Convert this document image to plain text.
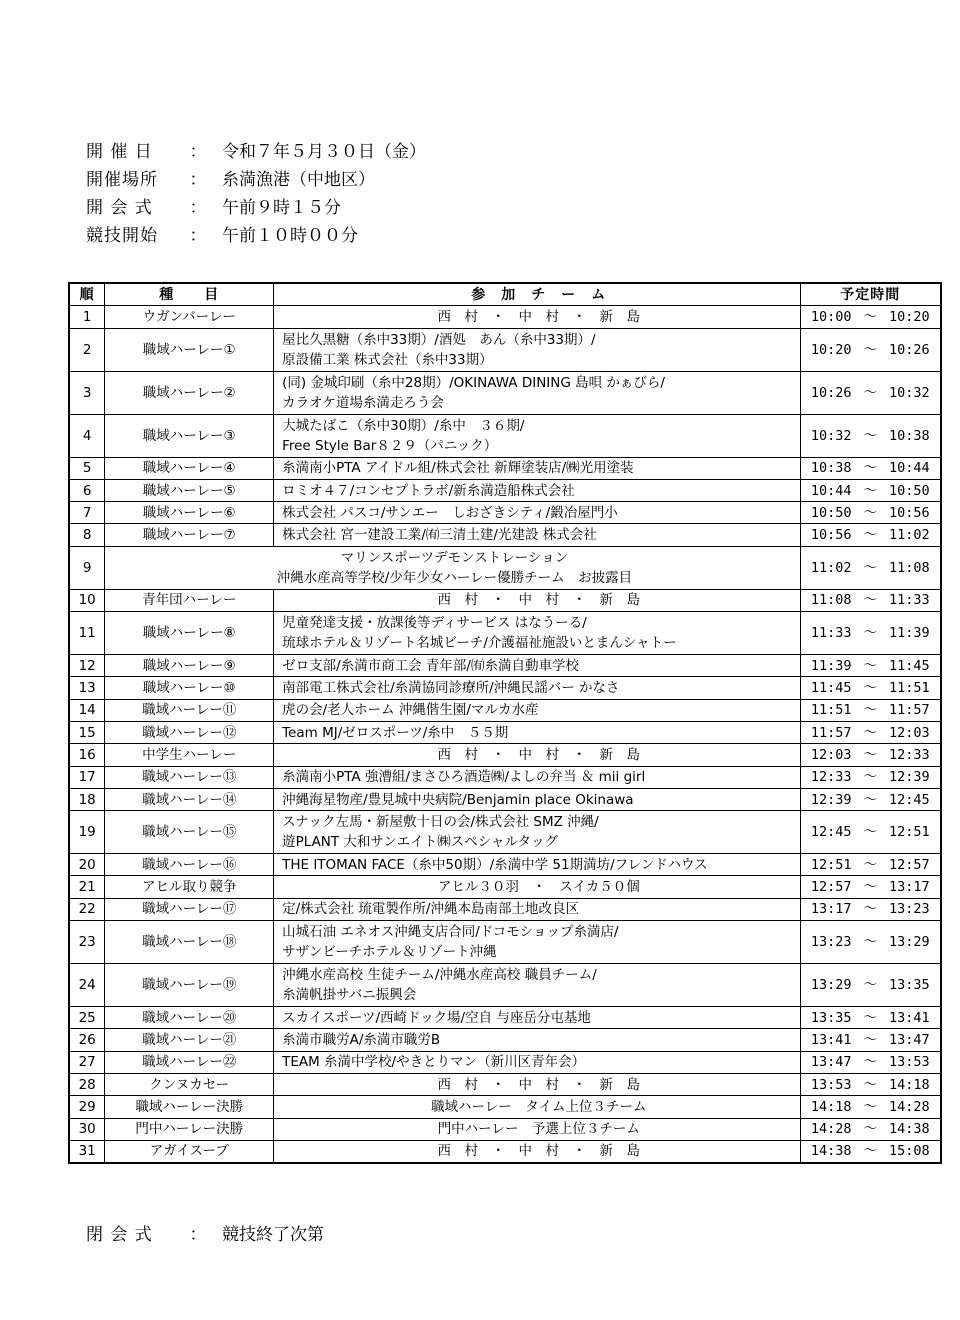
開 催 日	： 令和７年５月３０日（金）
開催場所	： 糸満漁港（中地区）
開 会 式	： 午前９時１５分
競技開始	： 午前１０時００分
順	種　　目	参　加　チ　ー　ム	予定時間
1	ウガンバーレー	西　村　・　中　村　・　新　島	10:00 ～ 10:20
2	職域ハーレー①	屋比久黒糖（糸中33期）/酒処　あん（糸中33期）/
原設備工業 株式会社（糸中33期）	10:20 ～ 10:26
3	職域ハーレー②	(同) 金城印刷（糸中28期）/OKINAWA DINING 島唄 かぁびら/
カラオケ道場糸満走ろう会	10:26 ～ 10:32
4	職域ハーレー③	大城たばこ（糸中30期）/糸中　３６期/
Free Style Bar８２９（パニック）	10:32 ～ 10:38
5	職域ハーレー④	糸満南小PTA アイドル組/株式会社 新輝塗装店/㈱光用塗装	10:38 ～ 10:44
6	職域ハーレー⑤	ロミオ４７/コンセプトラボ/新糸満造船株式会社	10:44 ～ 10:50
7	職域ハーレー⑥	株式会社 パスコ/サンエー　しおざきシティ/鍛冶屋門小	10:50 ～ 10:56
8	職域ハーレー⑦	株式会社 宮一建設工業/㈲三清土建/光建設 株式会社	10:56 ～ 11:02
9	マリンスポーツデモンストレーション
沖縄水産高等学校/少年少女ハーレー優勝チーム　お披露目		11:02 ～ 11:08
10	青年団ハーレー	西　村　・　中　村　・　新　島	11:08 ～ 11:33
11	職域ハーレー⑧	児童発達支援・放課後等ディサービス はなうーる/
琉球ホテル＆リゾート名城ビーチ/介護福祉施設いとまんシャトー	11:33 ～ 11:39
12	職域ハーレー⑨	ゼロ支部/糸満市商工会 青年部/㈲糸満自動車学校	11:39 ～ 11:45
13	職域ハーレー⑩	南部電工株式会社/糸満協同診療所/沖縄民謡バー かなさ	11:45 ～ 11:51
14	職域ハーレー⑪	虎の会/老人ホーム 沖縄偕生園/マルカ水産	11:51 ～ 11:57
15	職域ハーレー⑫	Team MJ/ゼロスポーツ/糸中　５５期	11:57 ～ 12:03
16	中学生ハーレー	西　村　・　中　村　・　新　島	12:03 ～ 12:33
17	職域ハーレー⑬	糸満南小PTA 強漕組/まさひろ酒造㈱/よしの弁当 ＆ mii girl	12:33 ～ 12:39
18	職域ハーレー⑭	沖縄海星物産/豊見城中央病院/Benjamin place Okinawa	12:39 ～ 12:45
19	職域ハーレー⑮	スナック左馬・新屋敷十日の会/株式会社 SMZ 沖縄/
遊PLANT 大和サンエイト㈱スペシャルタッグ	12:45 ～ 12:51
20	職域ハーレー⑯	THE ITOMAN FACE（糸中50期）/糸満中学 51期満坊/フレンドハウス	12:51 ～ 12:57
21	アヒル取り競争	アヒル３０羽　・　スイカ５０個	12:57 ～ 13:17
22	職域ハーレー⑰	定/株式会社 琉電製作所/沖縄本島南部土地改良区	13:17 ～ 13:23
23	職域ハーレー⑱	山城石油 エネオス沖縄支店合同/ドコモショップ糸満店/
サザンビーチホテル＆リゾート沖縄	13:23 ～ 13:29
24	職域ハーレー⑲	沖縄水産高校 生徒チーム/沖縄水産高校 職員チーム/
糸満帆掛サバニ振興会	13:29 ～ 13:35
25	職域ハーレー⑳	スカイスポーツ/西崎ドック場/空自 与座岳分屯基地	13:35 ～ 13:41
26	職域ハーレー㉑	糸満市職労A/糸満市職労B	13:41 ～ 13:47
27	職域ハーレー㉒	TEAM 糸満中学校/やきとりマン（新川区青年会）	13:47 ～ 13:53
28	クンヌカセー	西　村　・　中　村　・　新　島	13:53 ～ 14:18
29	職域ハーレー決勝	職域ハーレー　タイム上位３チーム	14:18 ～ 14:28
30	門中ハーレー決勝	門中ハーレー　予選上位３チーム	14:28 ～ 14:38
31	アガイスーブ	西　村　・　中　村　・　新　島	14:38 ～ 15:08
閉 会 式	： 競技終了次第
